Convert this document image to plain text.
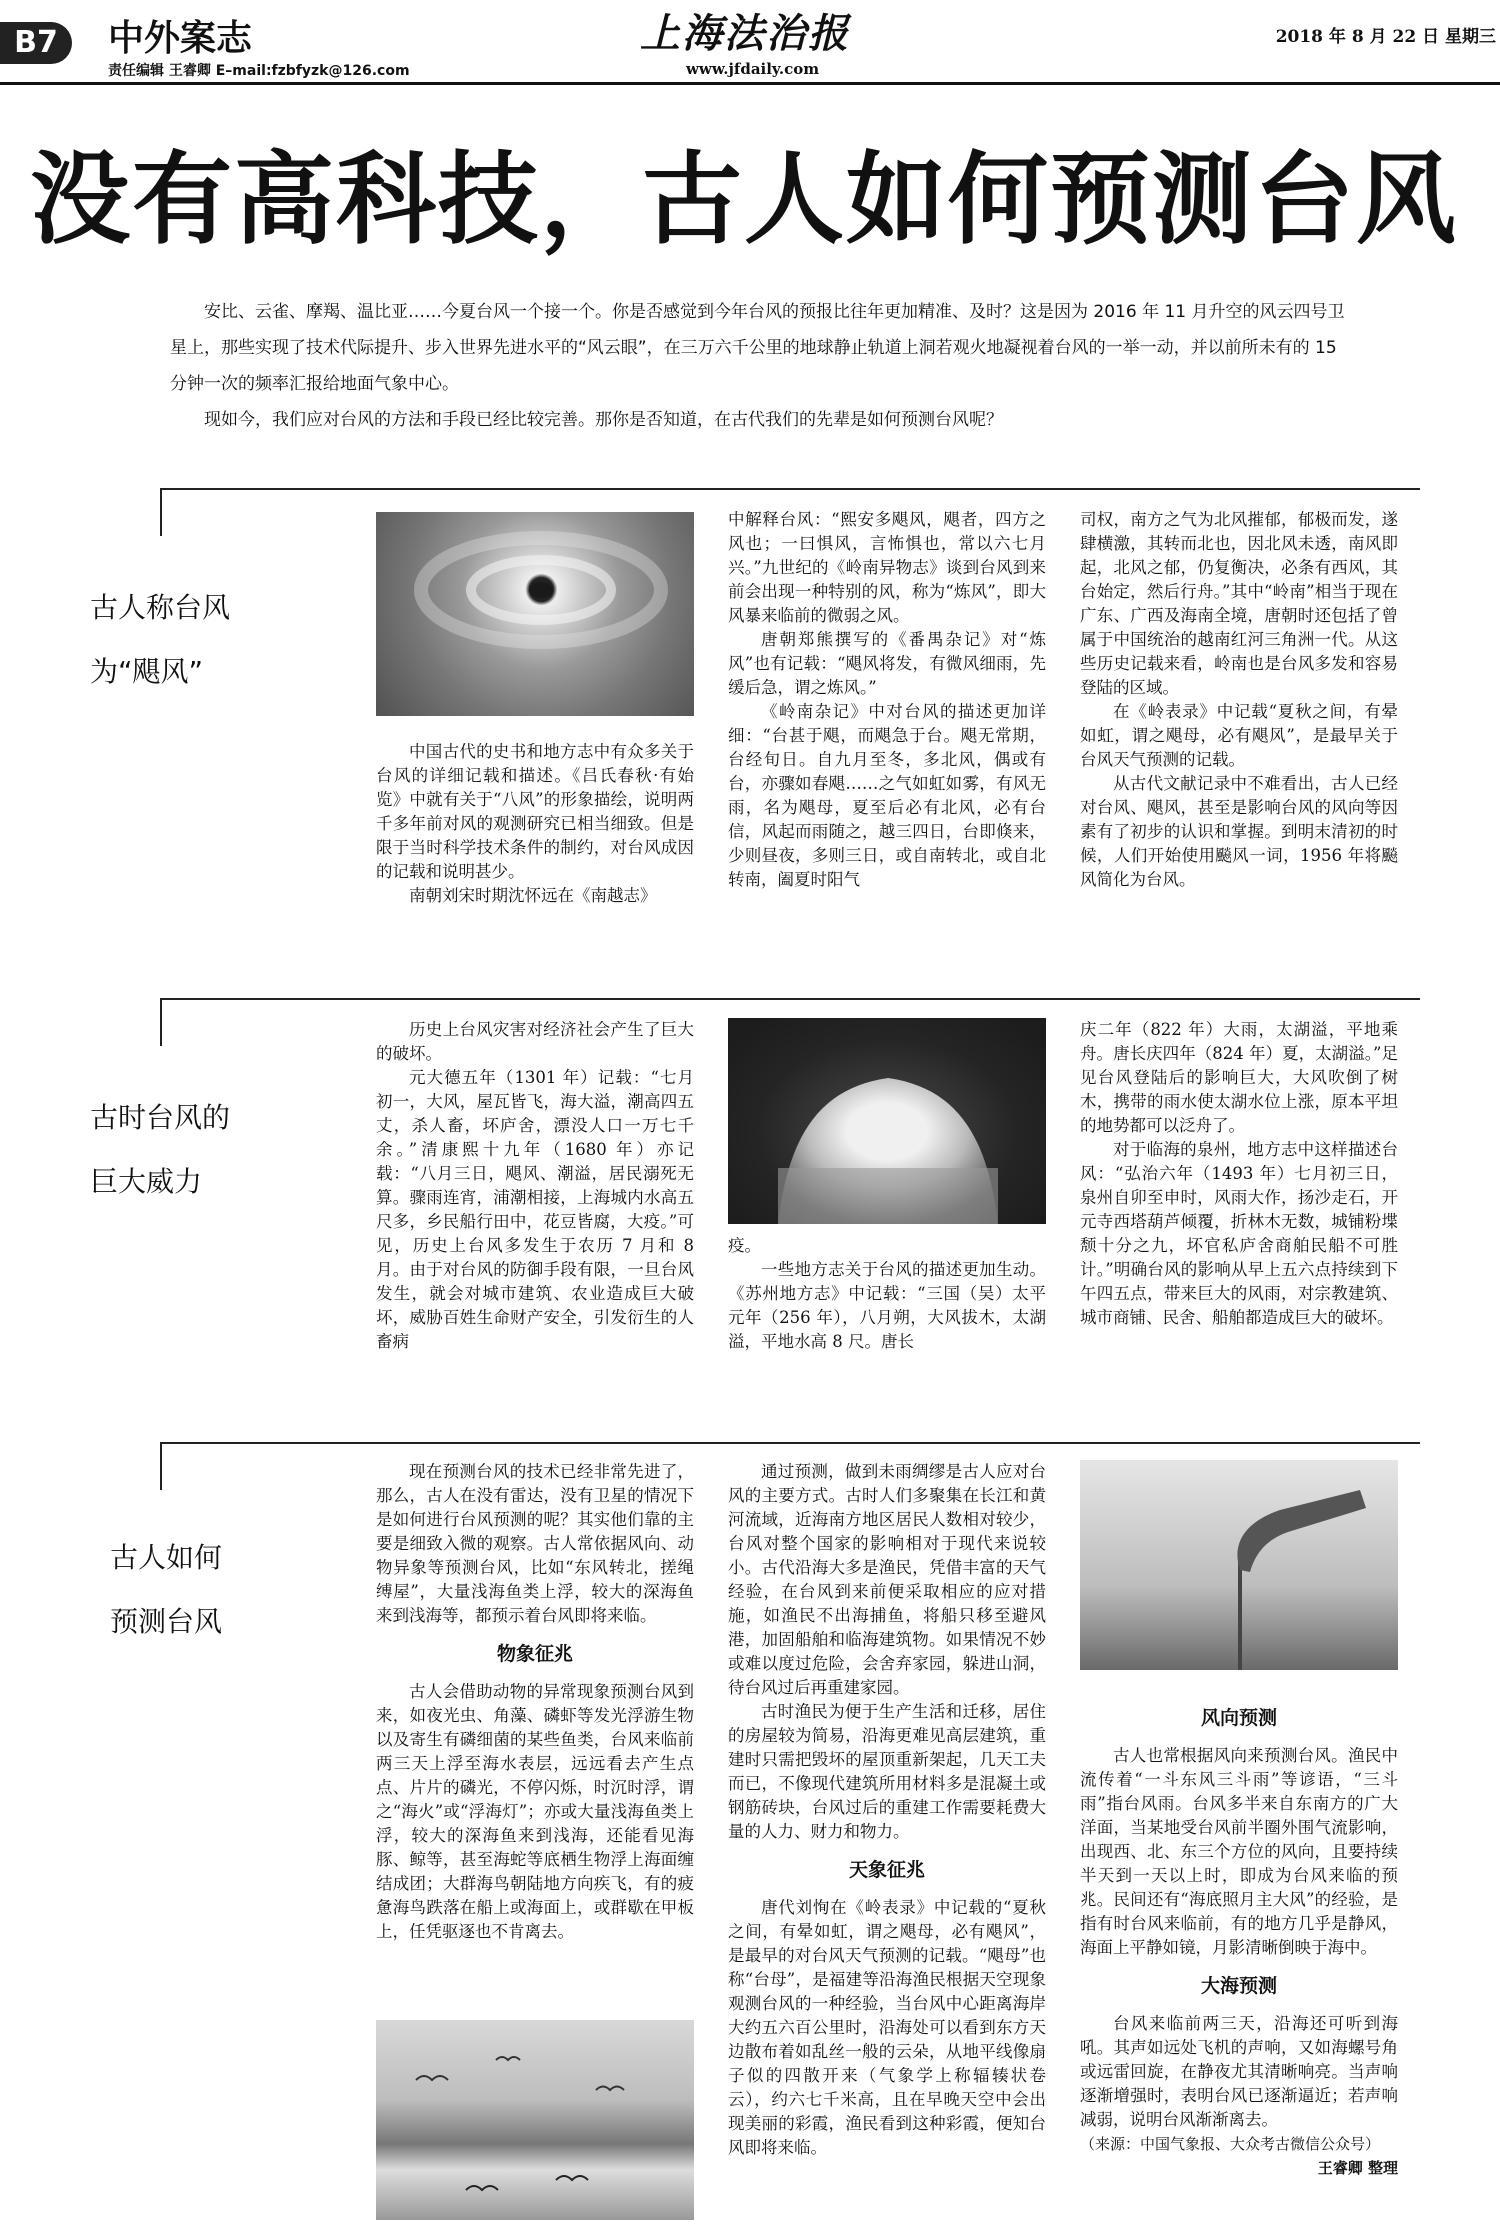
B7	中外案志
责任编辑 王睿卿 E–mail:fzbfyzk@126.com
上海法治报
www.jfdaily.com
2018 年 8 月 22 日 星期三
没有高科技，古人如何预测台风

安比、云雀、摩羯、温比亚……今夏台风一个接一个。你是否感觉到今年台风的预报比往年更加精准、及时？这是因为 2016 年 11 月升空的风云四号卫星上，那些实现了技术代际提升、步入世界先进水平的“风云眼”，在三万六千公里的地球静止轨道上洞若观火地凝视着台风的一举一动，并以前所未有的 15 分钟一次的频率汇报给地面气象中心。

现如今，我们应对台风的方法和手段已经比较完善。那你是否知道，在古代我们的先辈是如何预测台风呢？

古人称台风
为“飓风”

中国古代的史书和地方志中有众多关于台风的详细记载和描述。《吕氏春秋·有始览》中就有关于“八风”的形象描绘，说明两千多年前对风的观测研究已相当细致。但是限于当时科学技术条件的制约，对台风成因的记载和说明甚少。

南朝刘宋时期沈怀远在《南越志》

中解释台风：“熙安多飓风，飓者，四方之风也；一曰惧风，言怖惧也，常以六七月兴。”九世纪的《岭南异物志》谈到台风到来前会出现一种特别的风，称为“炼风”，即大风暴来临前的微弱之风。

唐朝郑熊撰写的《番禺杂记》对“炼风”也有记载：“飓风将发，有微风细雨，先缓后急，谓之炼风。”

《岭南杂记》中对台风的描述更加详细：“台甚于飓，而飓急于台。飓无常期，台经旬日。自九月至冬，多北风，偶或有台，亦骤如春飓……之气如虹如雾，有风无雨，名为飓母，夏至后必有北风，必有台信，风起而雨随之，越三四日，台即倏来，少则昼夜，多则三日，或自南转北，或自北转南，阖夏时阳气

司权，南方之气为北风摧郁，郁极而发，遂肆横激，其转而北也，因北风未透，南风即起，北风之郁，仍复衡决，必条有西风，其台始定，然后行舟。”其中“岭南”相当于现在广东、广西及海南全境，唐朝时还包括了曾属于中国统治的越南红河三角洲一代。从这些历史记载来看，岭南也是台风多发和容易登陆的区域。

在《岭表录》中记载“夏秋之间，有晕如虹，谓之飓母，必有飓风”，是最早关于台风天气预测的记载。

从古代文献记录中不难看出，古人已经对台风、飓风，甚至是影响台风的风向等因素有了初步的认识和掌握。到明末清初的时候，人们开始使用飈风一词，1956 年将飈风简化为台风。

古时台风的
巨大威力

历史上台风灾害对经济社会产生了巨大的破坏。

元大德五年（1301 年）记载：“七月初一，大风，屋瓦皆飞，海大溢，潮高四五丈，杀人畜，坏庐舍，漂没人口一万七千余。”清康熙十九年（1680 年）亦记载：“八月三日，飓风、潮溢，居民溺死无算。骤雨连宵，浦潮相接，上海城内水高五尺多，乡民船行田中，花豆皆腐，大疫。”可见，历史上台风多发生于农历 7 月和 8 月。由于对台风的防御手段有限，一旦台风发生，就会对城市建筑、农业造成巨大破坏，威胁百姓生命财产安全，引发衍生的人畜病

疫。

一些地方志关于台风的描述更加生动。《苏州地方志》中记载：“三国（吴）太平元年（256 年），八月朔，大风拔木，太湖溢，平地水高 8 尺。唐长

庆二年（822 年）大雨，太湖溢，平地乘舟。唐长庆四年（824 年）夏，太湖溢。”足见台风登陆后的影响巨大，大风吹倒了树木，携带的雨水使太湖水位上涨，原本平坦的地势都可以泛舟了。

对于临海的泉州，地方志中这样描述台风：“弘治六年（1493 年）七月初三日，泉州自卯至申时，风雨大作，扬沙走石，开元寺西塔葫芦倾覆，折林木无数，城铺粉堞颓十分之九，坏官私庐舍商舶民船不可胜计。”明确台风的影响从早上五六点持续到下午四五点，带来巨大的风雨，对宗教建筑、城市商铺、民舍、船舶都造成巨大的破坏。

古人如何
预测台风

现在预测台风的技术已经非常先进了，那么，古人在没有雷达，没有卫星的情况下是如何进行台风预测的呢？其实他们靠的主要是细致入微的观察。古人常依据风向、动物异象等预测台风，比如“东风转北，搓绳缚屋”，大量浅海鱼类上浮，较大的深海鱼来到浅海等，都预示着台风即将来临。

物象征兆

古人会借助动物的异常现象预测台风到来，如夜光虫、角藻、磷虾等发光浮游生物以及寄生有磷细菌的某些鱼类，台风来临前两三天上浮至海水表层，远远看去产生点点、片片的磷光，不停闪烁，时沉时浮，谓之“海火”或“浮海灯”；亦或大量浅海鱼类上浮，较大的深海鱼来到浅海，还能看见海豚、鲸等，甚至海蛇等底栖生物浮上海面缠结成团；大群海鸟朝陆地方向疾飞，有的疲惫海鸟跌落在船上或海面上，或群歇在甲板上，任凭驱逐也不肯离去。

通过预测，做到未雨绸缪是古人应对台风的主要方式。古时人们多聚集在长江和黄河流域，近海南方地区居民人数相对较少，台风对整个国家的影响相对于现代来说较小。古代沿海大多是渔民，凭借丰富的天气经验，在台风到来前便采取相应的应对措施，如渔民不出海捕鱼，将船只移至避风港，加固船舶和临海建筑物。如果情况不妙或难以度过危险，会舍弃家园，躲进山洞，待台风过后再重建家园。

古时渔民为便于生产生活和迁移，居住的房屋较为简易，沿海更难见高层建筑，重建时只需把毁坏的屋顶重新架起，几天工夫而已，不像现代建筑所用材料多是混凝土或钢筋砖块，台风过后的重建工作需要耗费大量的人力、财力和物力。

天象征兆

唐代刘恂在《岭表录》中记载的“夏秋之间，有晕如虹，谓之飓母，必有飓风”，是最早的对台风天气预测的记载。“飓母”也称“台母”，是福建等沿海渔民根据天空现象观测台风的一种经验，当台风中心距离海岸大约五六百公里时，沿海处可以看到东方天边散布着如乱丝一般的云朵，从地平线像扇子似的四散开来（气象学上称辐辏状卷云），约六七千米高，且在早晚天空中会出现美丽的彩霞，渔民看到这种彩霞，便知台风即将来临。

风向预测

古人也常根据风向来预测台风。渔民中流传着“一斗东风三斗雨”等谚语，“三斗雨”指台风雨。台风多半来自东南方的广大洋面，当某地受台风前半圈外围气流影响，出现西、北、东三个方位的风向，且要持续半天到一天以上时，即成为台风来临的预兆。民间还有“海底照月主大风”的经验，是指有时台风来临前，有的地方几乎是静风，海面上平静如镜，月影清晰倒映于海中。

大海预测

台风来临前两三天，沿海还可听到海吼。其声如远处飞机的声响，又如海螺号角或远雷回旋，在静夜尤其清晰响亮。当声响逐渐增强时，表明台风已逐渐逼近；若声响减弱，说明台风渐渐离去。

（来源：中国气象报、大众考古微信公众号）
王睿卿 整理
